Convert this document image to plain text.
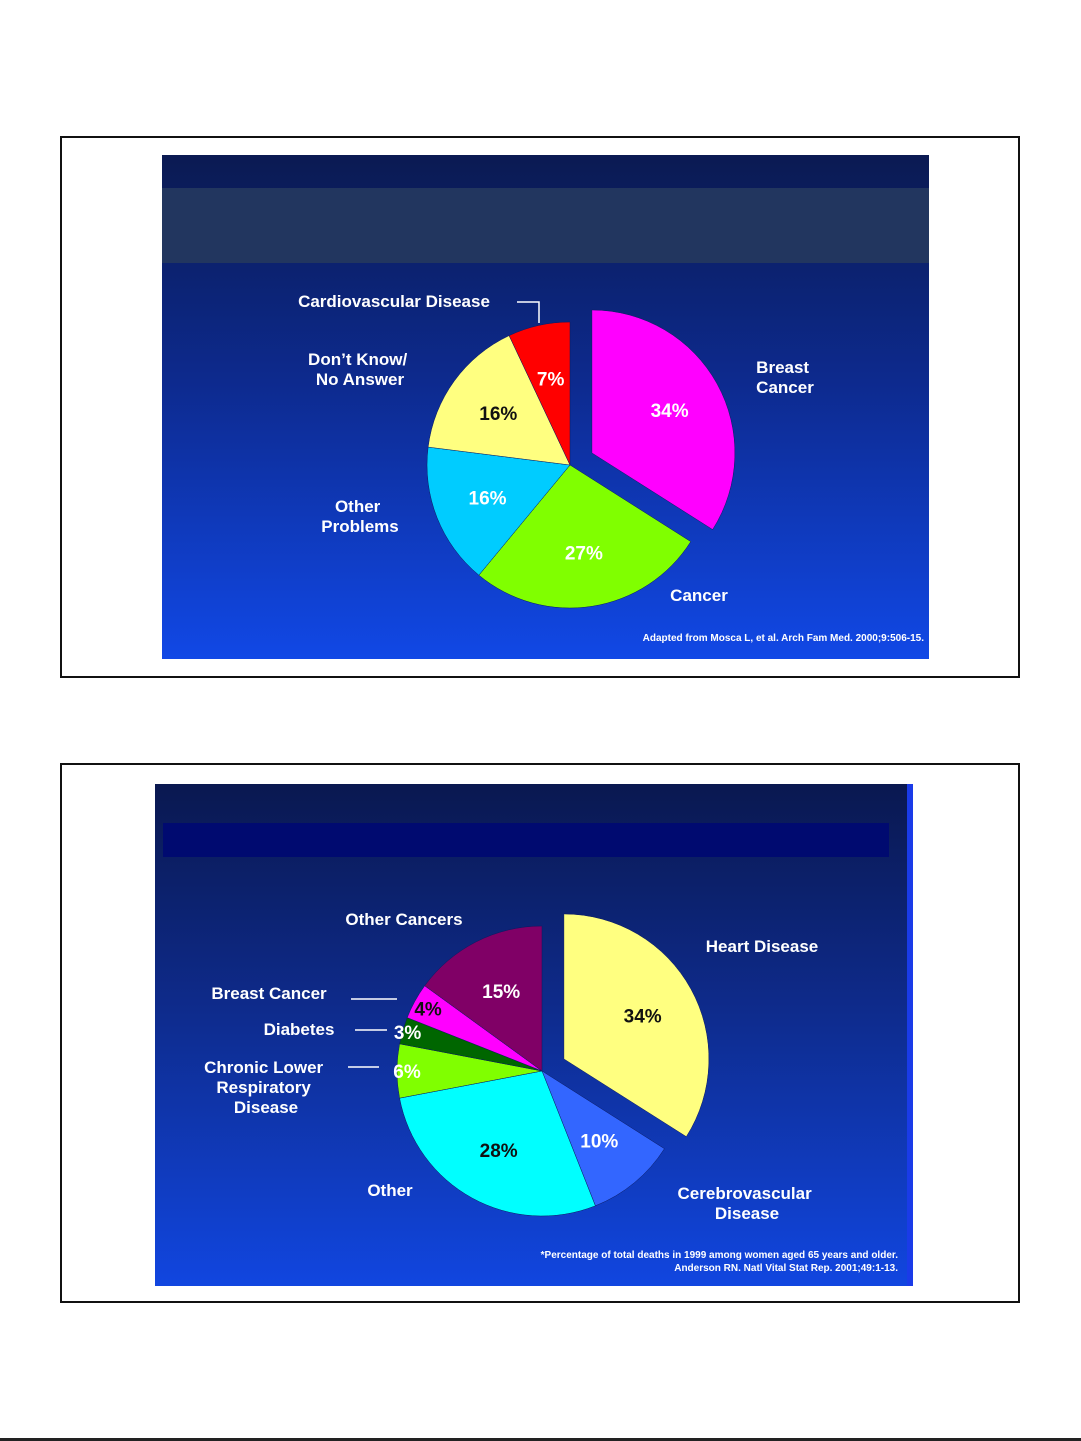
Cardiovascular Disease
Breast Cancer
Cancer
Other Problems
Don’t Know/ No Answer
34%
27%
16%
16%
7%
Adapted from Mosca L, et al. Arch Fam Med. 2000;9:506-15.
Other Cancers
Heart Disease
Breast Cancer
Diabetes
Chronic Lower Respiratory Disease
Other	Cerebrovascular Disease
34%
10%
28%
6%
3%
4%
15%
*Percentage of total deaths in 1999 among women aged 65 years and older.
Anderson RN. Natl Vital Stat Rep. 2001;49:1-13.
